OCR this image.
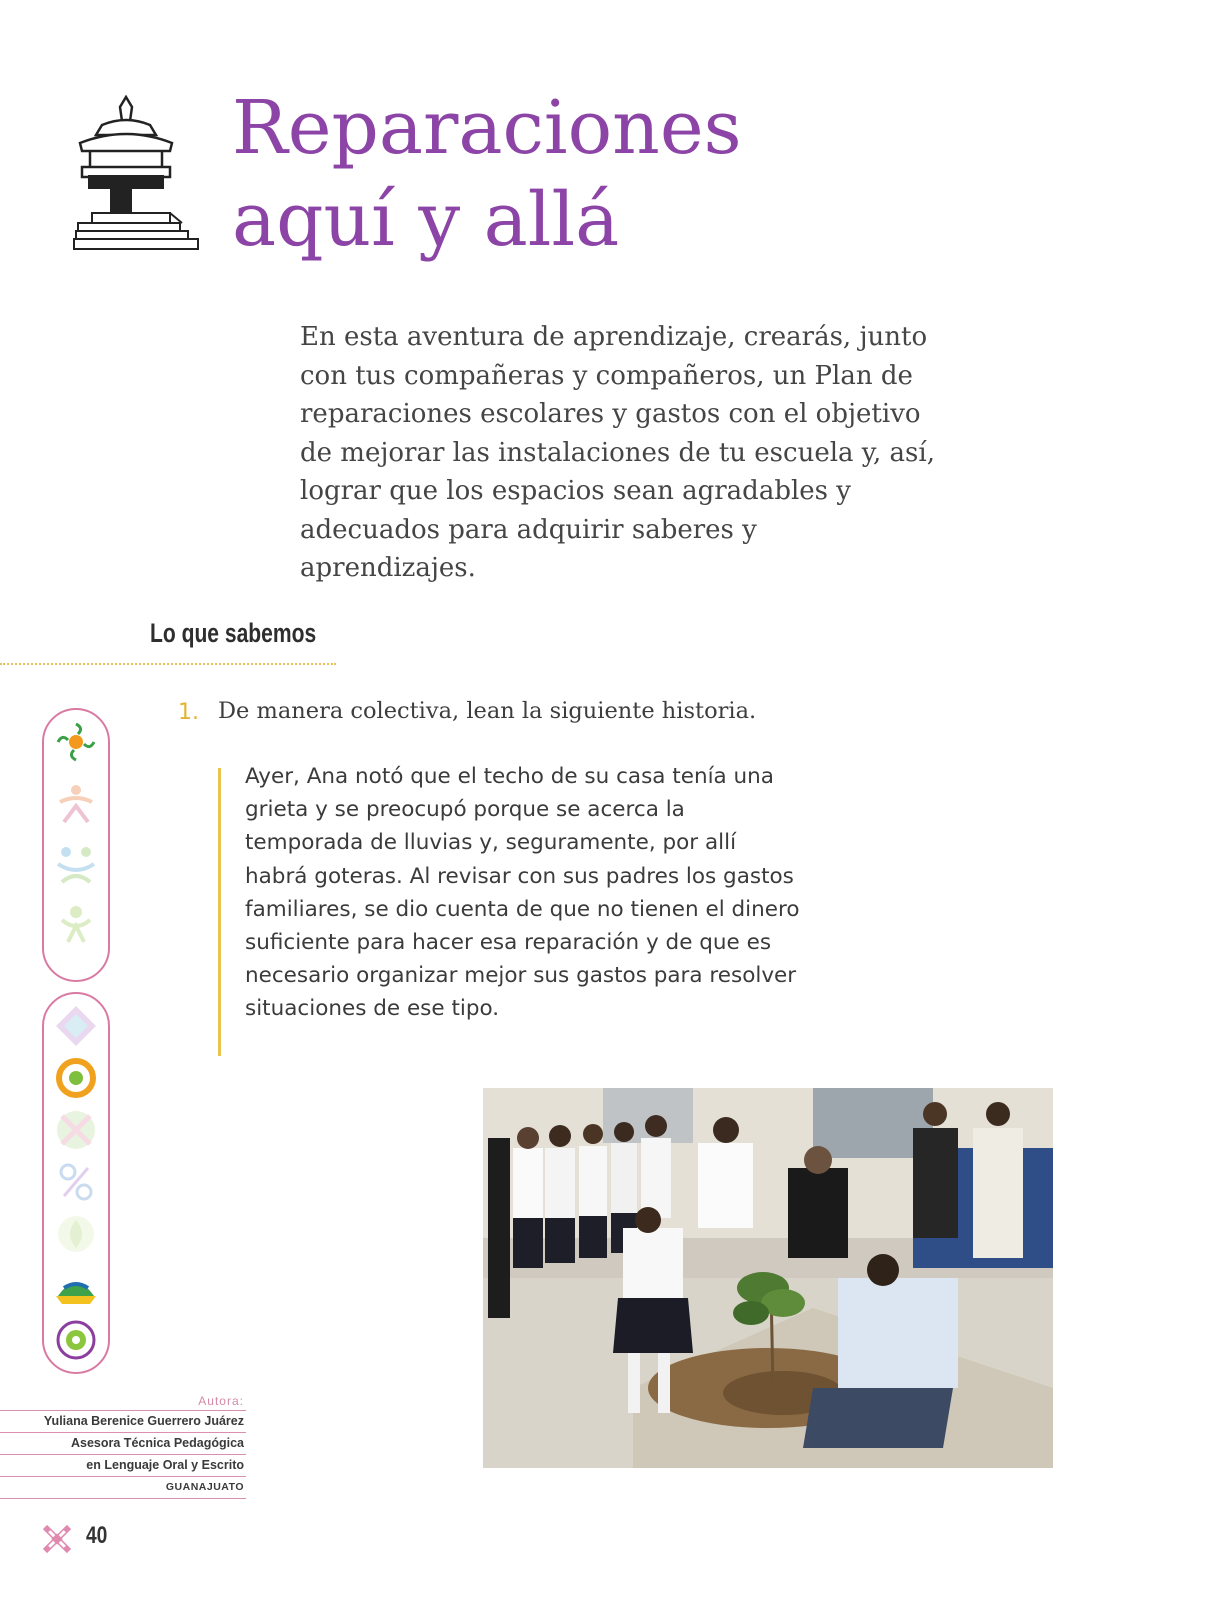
Reparaciones
aquí y allá

En esta aventura de aprendizaje, crearás, junto con tus compañeras y compañeros, un Plan de reparaciones escolares y gastos con el objetivo de mejorar las instalaciones de tu escuela y, así, lograr que los espacios sean agradables y adecuados para adquirir saberes y aprendizajes.

Lo que sabemos
1. De manera colectiva, lean la siguiente historia.

Ayer, Ana notó que el techo de su casa tenía una grieta y se preocupó porque se acerca la temporada de lluvias y, seguramente, por allí habrá goteras. Al revisar con sus padres los gastos familiares, se dio cuenta de que no tienen el dinero suficiente para hacer esa reparación y de que es necesario organizar mejor sus gastos para resolver situaciones de ese tipo.

Autora:
Yuliana Berenice Guerrero Juárez
Asesora Técnica Pedagógica
en Lenguaje Oral y Escrito
GUANAJUATO
40
